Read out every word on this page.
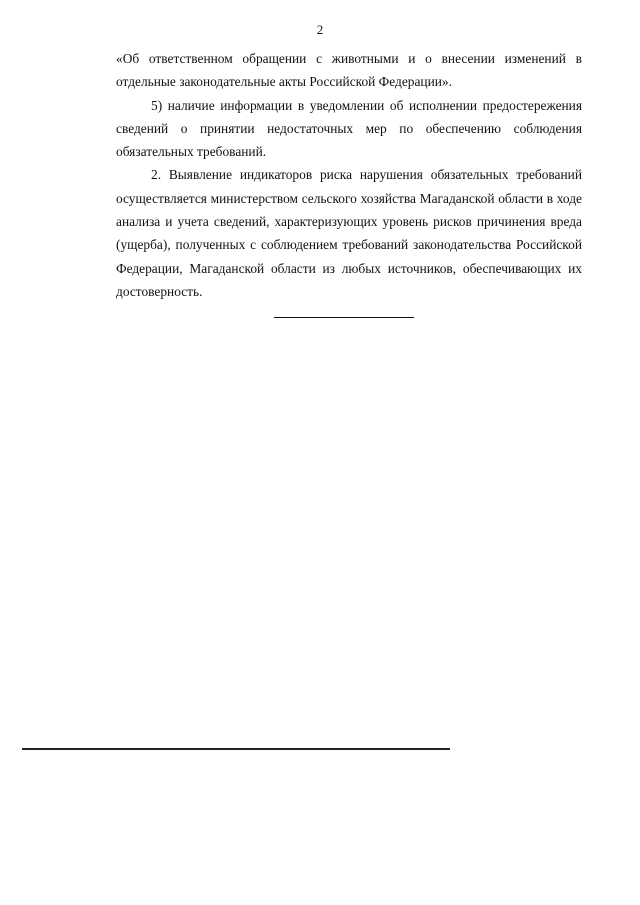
2

«Об ответственном обращении с животными и о внесении изменений в отдельные законодательные акты Российской Федерации».

5) наличие информации в уведомлении об исполнении предостережения сведений о принятии недостаточных мер по обеспечению соблюдения обязательных требований.

2. Выявление индикаторов риска нарушения обязательных требований осуществляется министерством сельского хозяйства Магаданской области в ходе анализа и учета сведений, характеризующих уровень рисков причинения вреда (ущерба), полученных с соблюдением требований законодательства Российской Федерации, Магаданской области из любых источников, обеспечивающих их достоверность.
